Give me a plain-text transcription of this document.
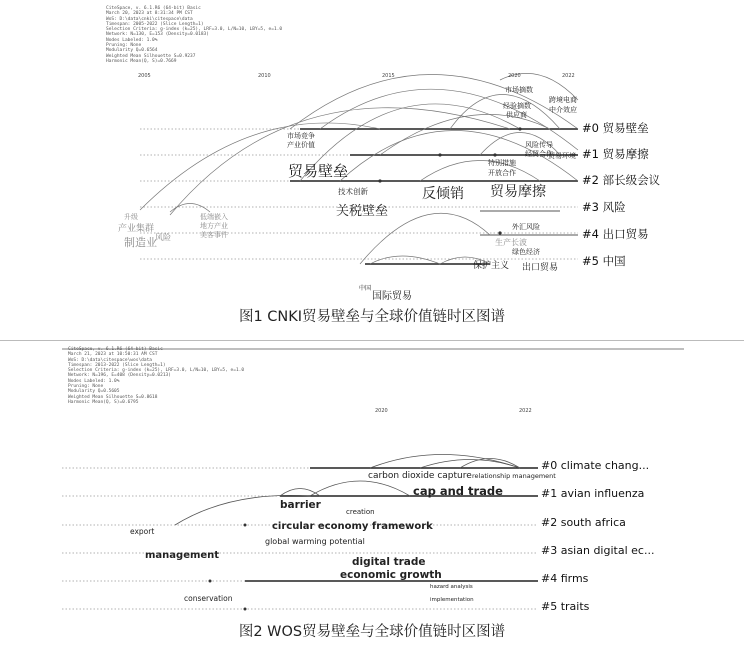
CiteSpace, v. 6.1.R6 (64-bit) Basic
March 20, 2023 at 8:31:34 PM CST
WoS: D:\data\cnki\citespace\data
Timespan: 2005-2022 (Slice Length=1)
Selection Criteria: g-index (k=25), LRF=3.0, L/N=10, LBY=5, e=1.0
Network: N=130, E=153 (Density=0.0183)
Nodes Labeled: 1.0%
Pruning: None
Modularity Q=0.6564
Weighted Mean Silhouette S=0.9237
Harmonic Mean(Q, S)=0.7669
2005	2010	2015	2020	2022
#0 贸易壁垒
#1 贸易摩擦
#2 部长级会议
#3 风险
#4 出口贸易
#5 中国
市场摘数
经验摘数
供应商
跨境电商
中介效应
市场竞争
产业价值
贸易壁垒
风险传导
经贸合作
贸易环境
特别措施
开放合作
技术创新	反倾销 贸易摩擦
关税壁垒
升级
产业集群
制造业
风险
低端嵌入
地方产业
美客事件
外汇风险
生产长波
绿色经济
保护主义 出口贸易
中国
国际贸易
图1 CNKI贸易壁垒与全球价值链时区图谱
CiteSpace, v. 6.1.R6 (64-bit) Basic
March 21, 2023 at 10:50:31 AM CST
WoS: D:\data\citespace\wos\data
Timespan: 2013-2022 (Slice Length=1)
Selection Criteria: g-index (k=25), LRF=3.0, L/N=10, LBY=5, e=1.0
Network: N=196, E=408 (Density=0.0213)
Nodes Labeled: 1.0%
Pruning: None
Modularity Q=0.5605
Weighted Mean Silhouette S=0.8618
Harmonic Mean(Q, S)=0.6795
2020	2022
#0 climate chang...
#1 avian influenza
#2 south africa
#3 asian digital ec...
#4 firms
#5 traits
carbon dioxide capture relationship management
cap and trade
barrier
creation
export	circular economy framework
global warming potential
management
digital trade
economic growth
hazard analysis
implementation
conservation
图2 WOS贸易壁垒与全球价值链时区图谱
